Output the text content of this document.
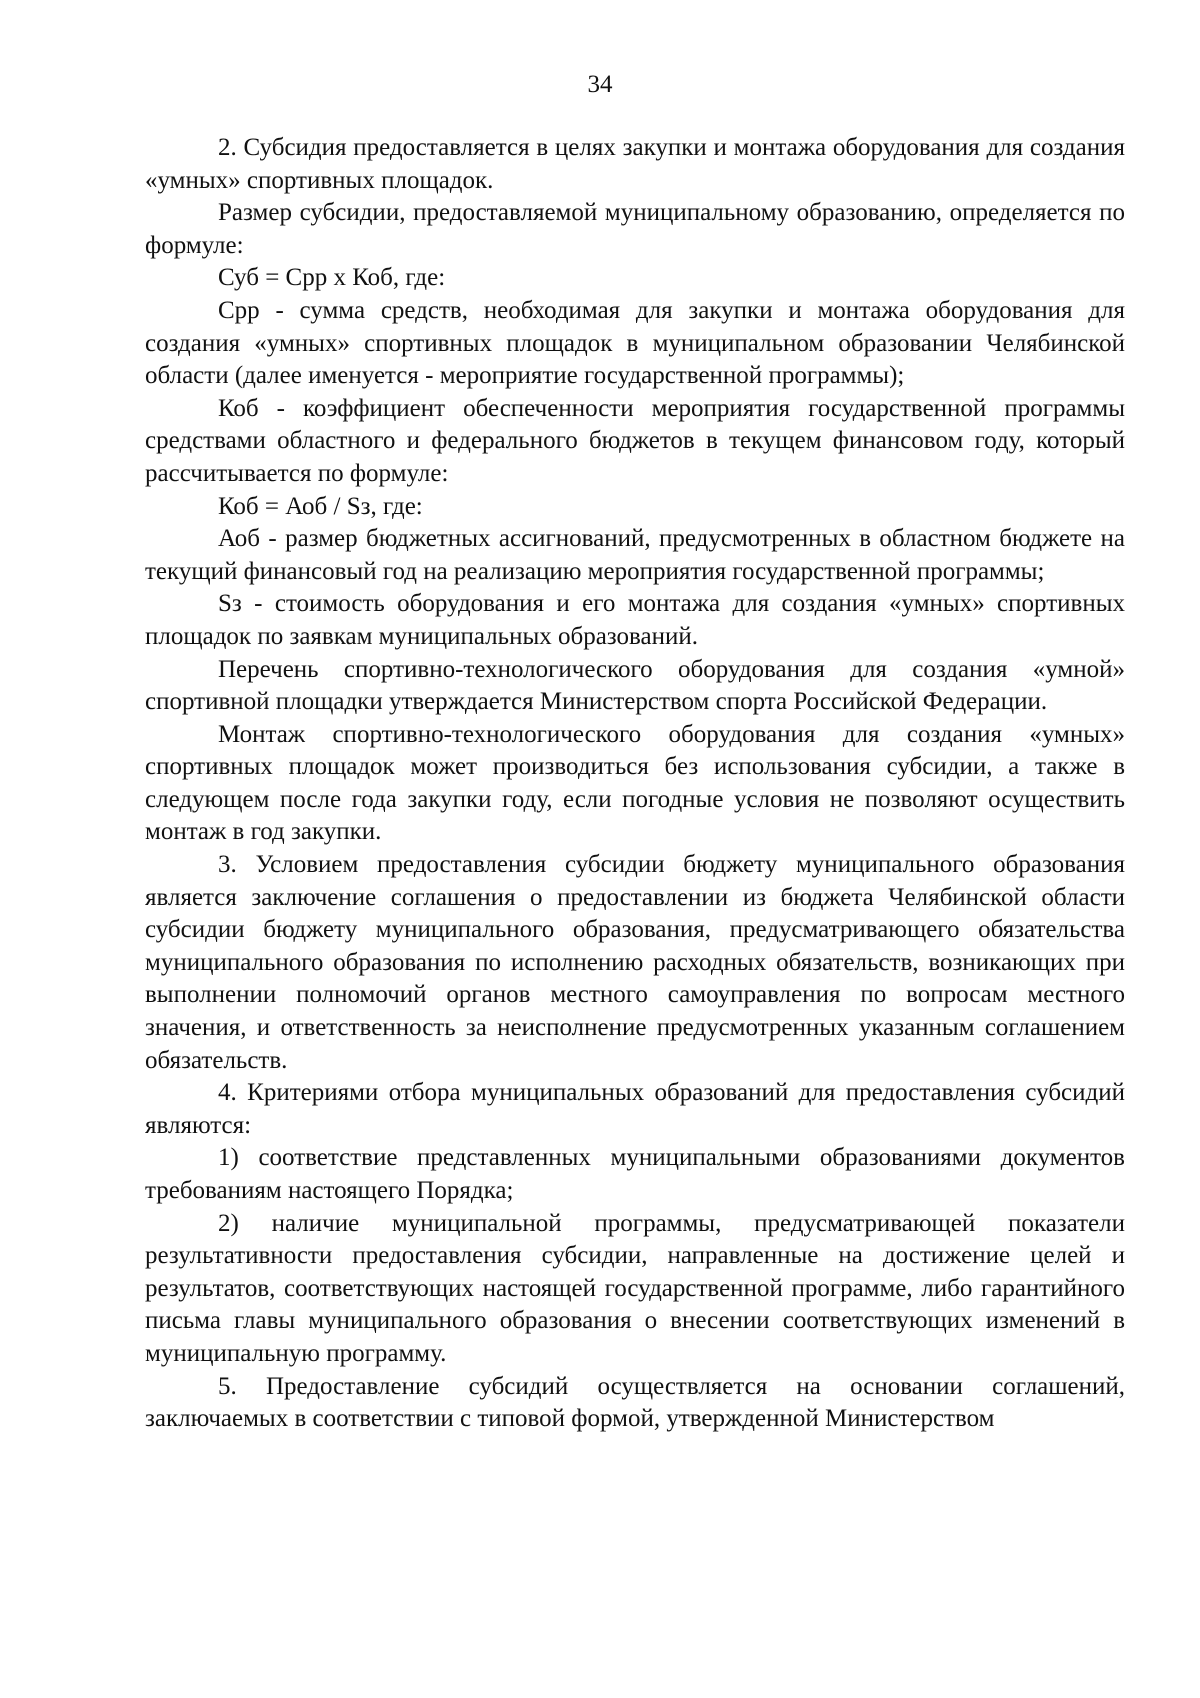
34

2. Субсидия предоставляется в целях закупки и монтажа оборудования для создания «умных» спортивных площадок.

Размер субсидии, предоставляемой муниципальному образованию, определяется по формуле:

Суб = Срр x Коб, где:

Срр - сумма средств, необходимая для закупки и монтажа оборудования для создания «умных» спортивных площадок в муниципальном образовании Челябинской области (далее именуется - мероприятие государственной программы);

Коб - коэффициент обеспеченности мероприятия государственной программы средствами областного и федерального бюджетов в текущем финансовом году, который рассчитывается по формуле:

Коб = Аоб / Sз, где:

Аоб - размер бюджетных ассигнований, предусмотренных в областном бюджете на текущий финансовый год на реализацию мероприятия государственной программы;

Sз - стоимость оборудования и его монтажа для создания «умных» спортивных площадок по заявкам муниципальных образований.

Перечень спортивно-технологического оборудования для создания «умной» спортивной площадки утверждается Министерством спорта Российской Федерации.

Монтаж спортивно-технологического оборудования для создания «умных» спортивных площадок может производиться без использования субсидии, а также в следующем после года закупки году, если погодные условия не позволяют осуществить монтаж в год закупки.

3. Условием предоставления субсидии бюджету муниципального образования является заключение соглашения о предоставлении из бюджета Челябинской области субсидии бюджету муниципального образования, предусматривающего обязательства муниципального образования по исполнению расходных обязательств, возникающих при выполнении полномочий органов местного самоуправления по вопросам местного значения, и ответственность за неисполнение предусмотренных указанным соглашением обязательств.

4. Критериями отбора муниципальных образований для предоставления субсидий являются:

1) соответствие представленных муниципальными образованиями документов требованиям настоящего Порядка;

2) наличие муниципальной программы, предусматривающей показатели результативности предоставления субсидии, направленные на достижение целей и результатов, соответствующих настоящей государственной программе, либо гарантийного письма главы муниципального образования о внесении соответствующих изменений в муниципальную программу.

5. Предоставление субсидий осуществляется на основании соглашений, заключаемых в соответствии с типовой формой, утвержденной Министерством
